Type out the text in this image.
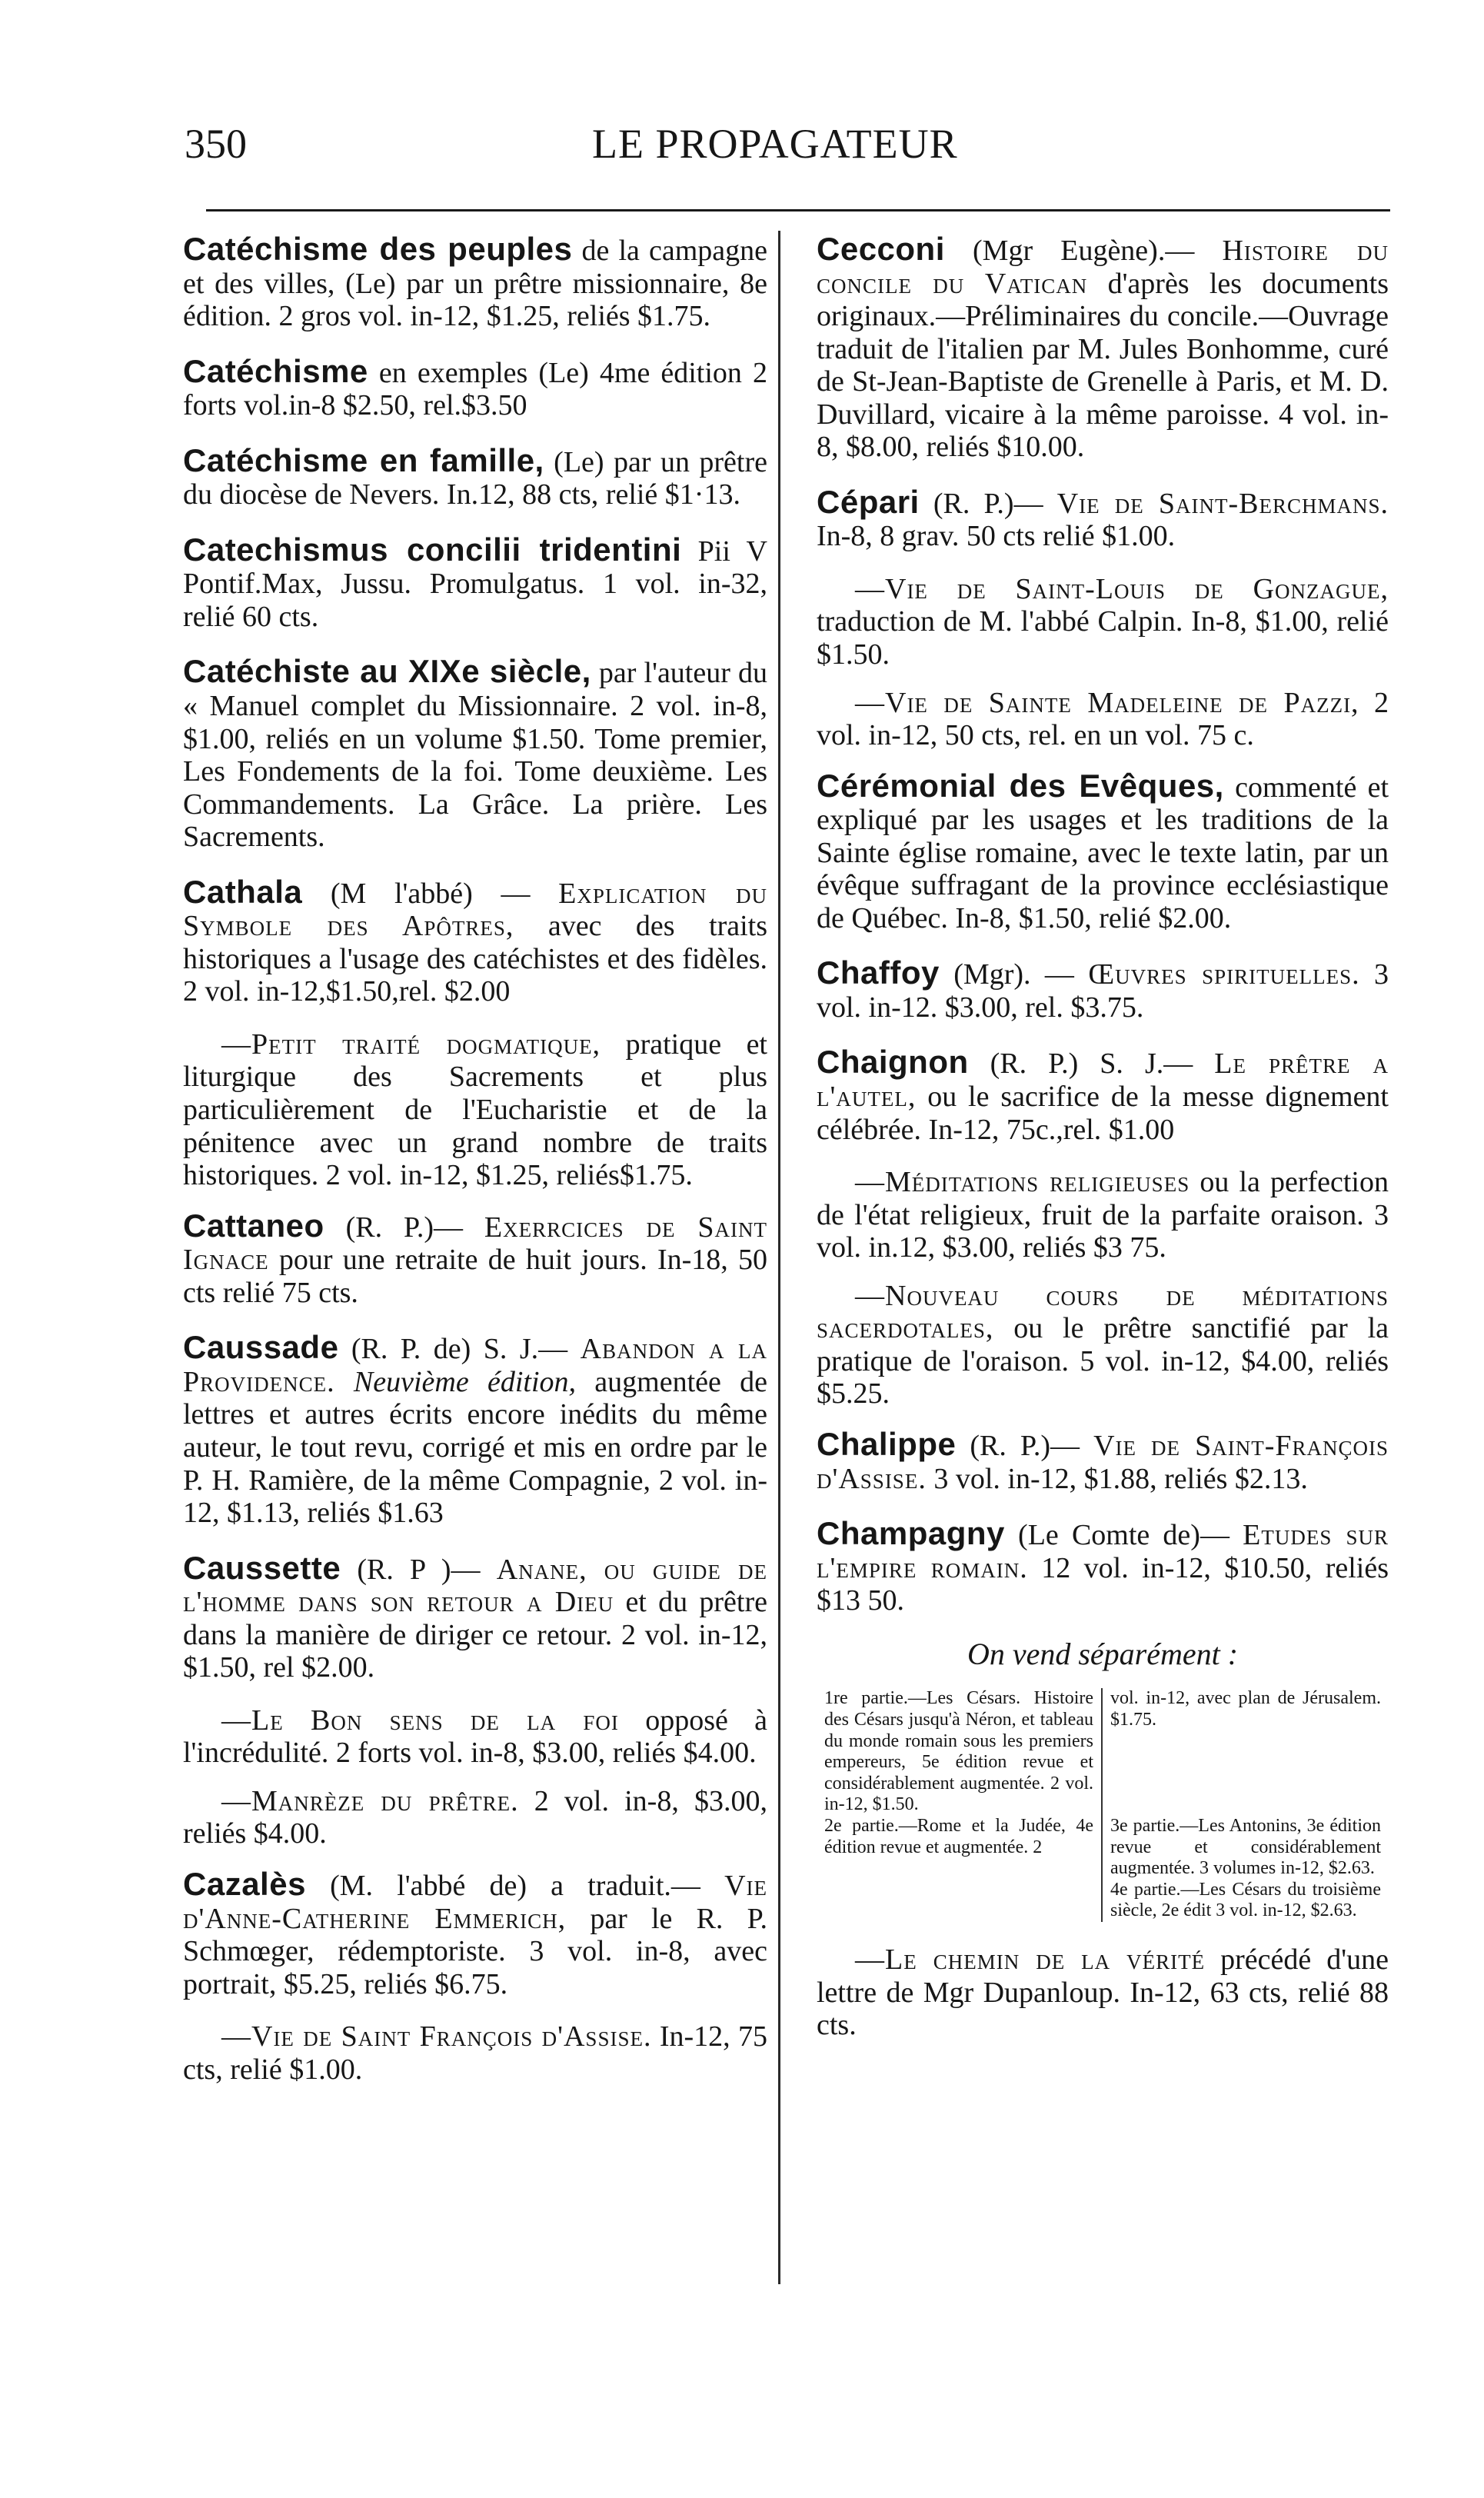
350	LE PROPAGATEUR
Catéchisme des peuples de la campagne et des villes, (Le) par un prêtre missionnaire, 8e édition. 2 gros vol. in-12, $1.25, reliés $1.75.
Catéchisme en exemples (Le) 4me édition 2 forts vol.in-8 $2.50, rel.$3.50
Catéchisme en famille, (Le) par un prêtre du diocèse de Nevers. In.12, 88 cts, relié $1·13.
Catechismus concilii tridentini Pii V Pontif.Max, Jussu. Promulgatus. 1 vol. in-32, relié 60 cts.
Catéchiste au XIXe siècle, par l'auteur du « Manuel complet du Missionnaire. 2 vol. in-8, $1.00, reliés en un volume $1.50. Tome premier, Les Fondements de la foi. Tome deuxième. Les Commandements. La Grâce. La prière. Les Sacrements.
Cathala (M l'abbé) — Explication du Symbole des Apôtres, avec des traits historiques a l'usage des catéchistes et des fidèles. 2 vol. in-12,$1.50,rel. $2.00
—Petit traité dogmatique, pratique et liturgique des Sacrements et plus particulièrement de l'Eucharistie et de la pénitence avec un grand nombre de traits historiques. 2 vol. in-12, $1.25, reliés$1.75.
Cattaneo (R. P.)— Exerrcices de Saint Ignace pour une retraite de huit jours. In-18, 50 cts relié 75 cts.
Caussade (R. P. de) S. J.— Abandon a la Providence. Neuvième édition, augmentée de lettres et autres écrits encore inédits du même auteur, le tout revu, corrigé et mis en ordre par le P. H. Ramière, de la même Compagnie, 2 vol. in-12, $1.13, reliés $1.63
Caussette (R. P )— Anane, ou guide de l'homme dans son retour a Dieu et du prêtre dans la manière de diriger ce retour. 2 vol. in-12, $1.50, rel $2.00.
—Le Bon sens de la foi opposé à l'incrédulité. 2 forts vol. in-8, $3.00, reliés $4.00.
—Manrèze du prêtre. 2 vol. in-8, $3.00, reliés $4.00.
Cazalès (M. l'abbé de) a traduit.— Vie d'Anne-Catherine Emmerich, par le R. P. Schmœger, rédemptoriste. 3 vol. in-8, avec portrait, $5.25, reliés $6.75.
—Vie de Saint François d'Assise. In-12, 75 cts, relié $1.00.
Cecconi (Mgr Eugène).— Histoire du concile du Vatican d'après les documents originaux.—Préliminaires du concile.—Ouvrage traduit de l'italien par M. Jules Bonhomme, curé de St-Jean-Baptiste de Grenelle à Paris, et M. D. Duvillard, vicaire à la même paroisse. 4 vol. in-8, $8.00, reliés $10.00.
Cépari (R. P.)— Vie de Saint-Berchmans. In-8, 8 grav. 50 cts relié $1.00.
—Vie de Saint-Louis de Gonzague, traduction de M. l'abbé Calpin. In-8, $1.00, relié $1.50.
—Vie de Sainte Madeleine de Pazzi, 2 vol. in-12, 50 cts, rel. en un vol. 75 c.
Cérémonial des Evêques, commenté et expliqué par les usages et les traditions de la Sainte église romaine, avec le texte latin, par un évêque suffragant de la province ecclésiastique de Québec. In-8, $1.50, relié $2.00.
Chaffoy (Mgr). — Œuvres spirituelles. 3 vol. in-12. $3.00, rel. $3.75.
Chaignon (R. P.) S. J.— Le prêtre a l'autel, ou le sacrifice de la messe dignement célébrée. In-12, 75c.,rel. $1.00
—Méditations religieuses ou la perfection de l'état religieux, fruit de la parfaite oraison. 3 vol. in.12, $3.00, reliés $3 75.
—Nouveau cours de méditations sacerdotales, ou le prêtre sanctifié par la pratique de l'oraison. 5 vol. in-12, $4.00, reliés $5.25.
Chalippe (R. P.)— Vie de Saint-François d'Assise. 3 vol. in-12, $1.88, reliés $2.13.
Champagny (Le Comte de)— Etudes sur l'empire romain. 12 vol. in-12, $10.50, reliés $13 50.
On vend séparément :
1re partie.—Les Césars. Histoire des Césars jusqu'à Néron, et tableau du monde romain sous les premiers empereurs, 5e édition revue et considérablement augmentée. 2 vol. in-12, $1.50.
vol. in-12, avec plan de Jérusalem. $1.75.
2e partie.—Rome et la Judée, 4e édition revue et augmentée. 2
3e partie.—Les Antonins, 3e édition revue et considérablement augmentée. 3 volumes in-12, $2.63.
4e partie.—Les Césars du troisième siècle, 2e édit 3 vol. in-12, $2.63.
—Le chemin de la vérité précédé d'une lettre de Mgr Dupanloup. In-12, 63 cts, relié 88 cts.
